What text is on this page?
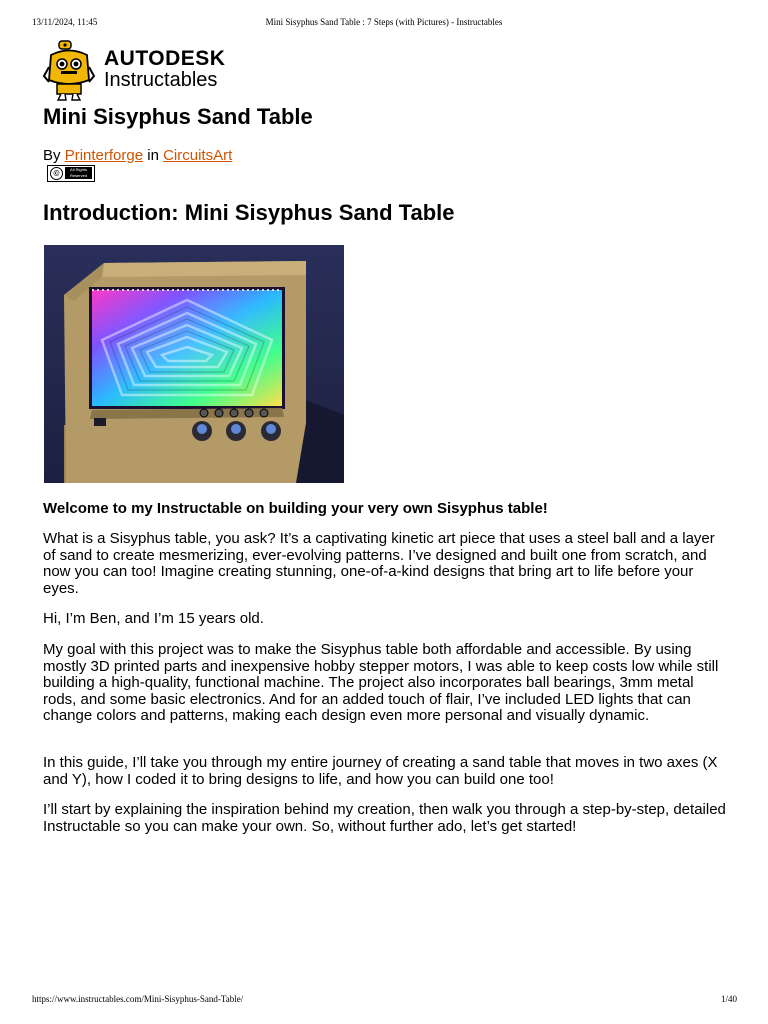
13/11/2024, 11:45	Mini Sisyphus Sand Table : 7 Steps (with Pictures) - Instructables
AUTODESK
Instructables
Mini Sisyphus Sand Table
By Printerforge in CircuitsArt
©	All Rights Reserved
Introduction: Mini Sisyphus Sand Table

Welcome to my Instructable on building your very own Sisyphus table!

What is a Sisyphus table, you ask? It’s a captivating kinetic art piece that uses a steel ball and a layer of sand to create mesmerizing, ever-evolving patterns. I’ve designed and built one from scratch, and now you can too! Imagine creating stunning, one-of-a-kind designs that bring art to life before your eyes.

Hi, I’m Ben, and I’m 15 years old.

My goal with this project was to make the Sisyphus table both affordable and accessible. By using mostly 3D printed parts and inexpensive hobby stepper motors, I was able to keep costs low while still building a high-quality, functional machine. The project also incorporates ball bearings, 3mm metal rods, and some basic electronics. And for an added touch of flair, I’ve included LED lights that can change colors and patterns, making each design even more personal and visually dynamic.

In this guide, I’ll take you through my entire journey of creating a sand table that moves in two axes (X and Y), how I coded it to bring designs to life, and how you can build one too!

I’ll start by explaining the inspiration behind my creation, then walk you through a step-by-step, detailed Instructable so you can make your own. So, without further ado, let’s get started!

https://www.instructables.com/Mini-Sisyphus-Sand-Table/	1/40
